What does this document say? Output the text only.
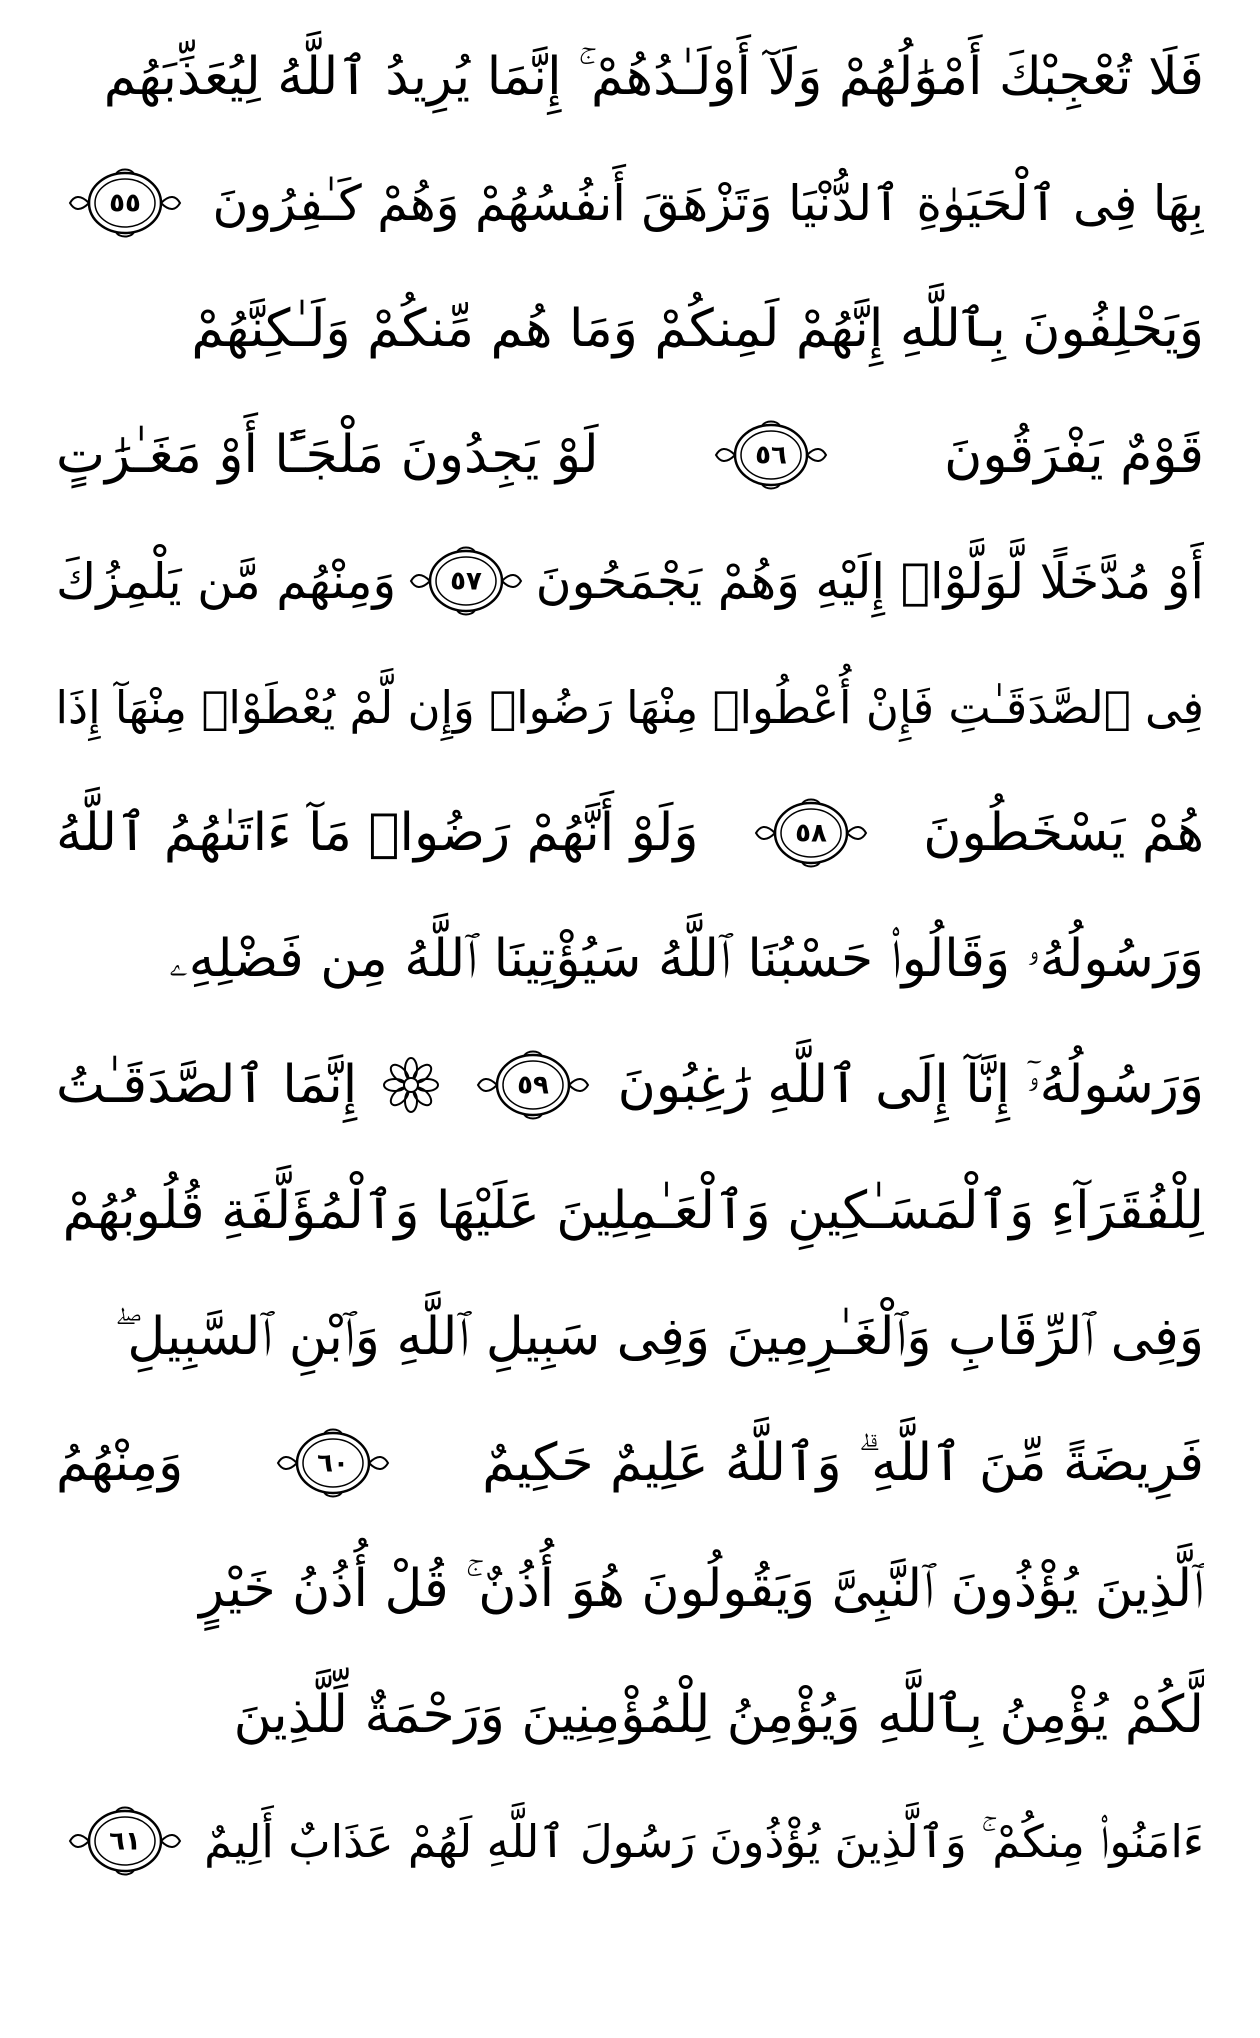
فَلَا تُعْجِبْكَ أَمْوَٰلُهُمْ وَلَآ أَوْلَـٰدُهُمْ ۚ إِنَّمَا يُرِيدُ ٱللَّهُ لِيُعَذِّبَهُم
بِهَا فِى ٱلْحَيَوٰةِ ٱلدُّنْيَا وَتَزْهَقَ أَنفُسُهُمْ وَهُمْ كَـٰفِرُونَ
٥٥
وَيَحْلِفُونَ بِٱللَّهِ إِنَّهُمْ لَمِنكُمْ وَمَا هُم مِّنكُمْ وَلَـٰكِنَّهُمْ
قَوْمٌ يَفْرَقُونَ
٥٦
لَوْ يَجِدُونَ مَلْجَـًٔا أَوْ مَغَـٰرَٰتٍ
أَوْ مُدَّخَلًا لَّوَلَّوْا۟ إِلَيْهِ وَهُمْ يَجْمَحُونَ
٥٧
وَمِنْهُم مَّن يَلْمِزُكَ
فِى ٱلصَّدَقَـٰتِ فَإِنْ أُعْطُوا۟ مِنْهَا رَضُوا۟ وَإِن لَّمْ يُعْطَوْا۟ مِنْهَآ إِذَا
هُمْ يَسْخَطُونَ
٥٨
وَلَوْ أَنَّهُمْ رَضُوا۟ مَآ ءَاتَىٰهُمُ ٱللَّهُ
وَرَسُولُهُۥ وَقَالُوا۟ حَسْبُنَا ٱللَّهُ سَيُؤْتِينَا ٱللَّهُ مِن فَضْلِهِۦ
وَرَسُولُهُۥٓ إِنَّآ إِلَى ٱللَّهِ رَٰغِبُونَ
٥٩
إِنَّمَا ٱلصَّدَقَـٰتُ
لِلْفُقَرَآءِ وَٱلْمَسَـٰكِينِ وَٱلْعَـٰمِلِينَ عَلَيْهَا وَٱلْمُؤَلَّفَةِ قُلُوبُهُمْ
وَفِى ٱلرِّقَابِ وَٱلْغَـٰرِمِينَ وَفِى سَبِيلِ ٱللَّهِ وَٱبْنِ ٱلسَّبِيلِ ۖ
فَرِيضَةً مِّنَ ٱللَّهِ ۗ وَٱللَّهُ عَلِيمٌ حَكِيمٌ
٦٠
وَمِنْهُمُ
ٱلَّذِينَ يُؤْذُونَ ٱلنَّبِىَّ وَيَقُولُونَ هُوَ أُذُنٌ ۚ قُلْ أُذُنُ خَيْرٍ
لَّكُمْ يُؤْمِنُ بِٱللَّهِ وَيُؤْمِنُ لِلْمُؤْمِنِينَ وَرَحْمَةٌ لِّلَّذِينَ
ءَامَنُوا۟ مِنكُمْ ۚ وَٱلَّذِينَ يُؤْذُونَ رَسُولَ ٱللَّهِ لَهُمْ عَذَابٌ أَلِيمٌ
٦١
